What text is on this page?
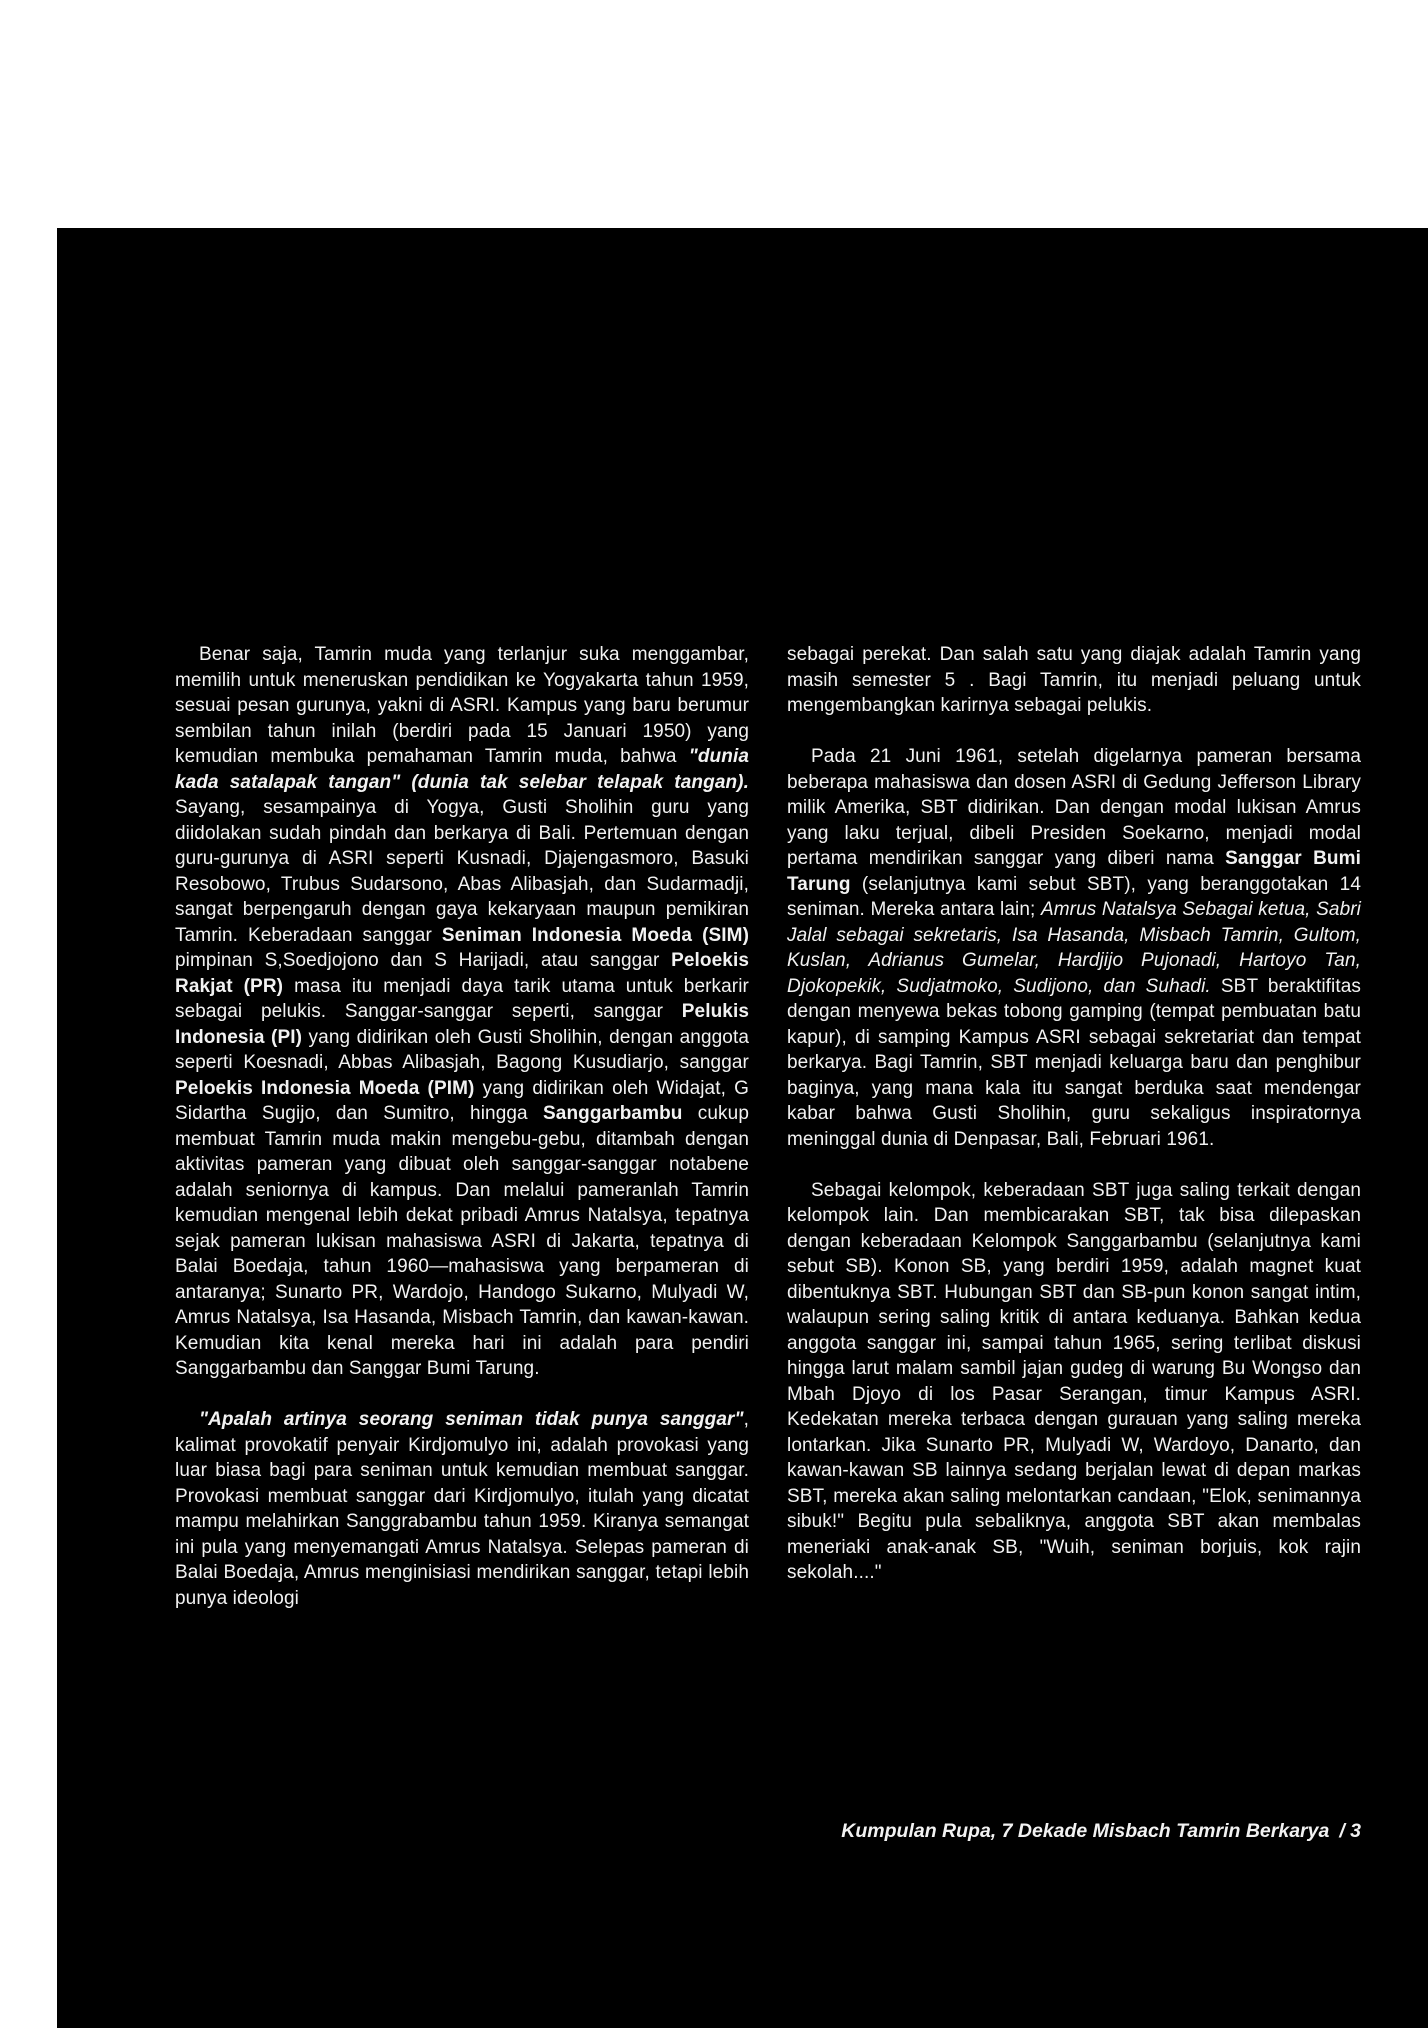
Benar saja, Tamrin muda yang terlanjur suka menggambar, memilih untuk meneruskan pendidikan ke Yogyakarta tahun 1959, sesuai pesan gurunya, yakni di ASRI. Kampus yang baru berumur sembilan tahun inilah (berdiri pada 15 Januari 1950) yang kemudian membuka pemahaman Tamrin muda, bahwa "dunia kada satalapak tangan" (dunia tak selebar telapak tangan). Sayang, sesampainya di Yogya, Gusti Sholihin guru yang diidolakan sudah pindah dan berkarya di Bali. Pertemuan dengan guru-gurunya di ASRI seperti Kusnadi, Djajengasmoro, Basuki Resobowo, Trubus Sudarsono, Abas Alibasjah, dan Sudarmadji, sangat berpengaruh dengan gaya kekaryaan maupun pemikiran Tamrin. Keberadaan sanggar Seniman Indonesia Moeda (SIM) pimpinan S,Soedjojono dan S Harijadi, atau sanggar Peloekis Rakjat (PR) masa itu menjadi daya tarik utama untuk berkarir sebagai pelukis. Sanggar-sanggar seperti, sanggar Pelukis Indonesia (PI) yang didirikan oleh Gusti Sholihin, dengan anggota seperti Koesnadi, Abbas Alibasjah, Bagong Kusudiarjo, sanggar Peloekis Indonesia Moeda (PIM) yang didirikan oleh Widajat, G Sidartha Sugijo, dan Sumitro, hingga Sanggarbambu cukup membuat Tamrin muda makin mengebu-gebu, ditambah dengan aktivitas pameran yang dibuat oleh sanggar-sanggar notabene adalah seniornya di kampus. Dan melalui pameranlah Tamrin kemudian mengenal lebih dekat pribadi Amrus Natalsya, tepatnya sejak pameran lukisan mahasiswa ASRI di Jakarta, tepatnya di Balai Boedaja, tahun 1960—mahasiswa yang berpameran di antaranya; Sunarto PR, Wardojo, Handogo Sukarno, Mulyadi W, Amrus Natalsya, Isa Hasanda, Misbach Tamrin, dan kawan-kawan. Kemudian kita kenal mereka hari ini adalah para pendiri Sanggarbambu dan Sanggar Bumi Tarung.

"Apalah artinya seorang seniman tidak punya sanggar", kalimat provokatif penyair Kirdjomulyo ini, adalah provokasi yang luar biasa bagi para seniman untuk kemudian membuat sanggar. Provokasi membuat sanggar dari Kirdjomulyo, itulah yang dicatat mampu melahirkan Sanggrabambu tahun 1959. Kiranya semangat ini pula yang menyemangati Amrus Natalsya. Selepas pameran di Balai Boedaja, Amrus menginisiasi mendirikan sanggar, tetapi lebih punya ideologi

sebagai perekat. Dan salah satu yang diajak adalah Tamrin yang masih semester 5 . Bagi Tamrin, itu menjadi peluang untuk mengembangkan karirnya sebagai pelukis.

Pada 21 Juni 1961, setelah digelarnya pameran bersama beberapa mahasiswa dan dosen ASRI di Gedung Jefferson Library milik Amerika, SBT didirikan. Dan dengan modal lukisan Amrus yang laku terjual, dibeli Presiden Soekarno, menjadi modal pertama mendirikan sanggar yang diberi nama Sanggar Bumi Tarung (selanjutnya kami sebut SBT), yang beranggotakan 14 seniman. Mereka antara lain; Amrus Natalsya Sebagai ketua, Sabri Jalal sebagai sekretaris, Isa Hasanda, Misbach Tamrin, Gultom, Kuslan, Adrianus Gumelar, Hardjijo Pujonadi, Hartoyo Tan, Djokopekik, Sudjatmoko, Sudijono, dan Suhadi. SBT beraktifitas dengan menyewa bekas tobong gamping (tempat pembuatan batu kapur), di samping Kampus ASRI sebagai sekretariat dan tempat berkarya. Bagi Tamrin, SBT menjadi keluarga baru dan penghibur baginya, yang mana kala itu sangat berduka saat mendengar kabar bahwa Gusti Sholihin, guru sekaligus inspiratornya meninggal dunia di Denpasar, Bali, Februari 1961.

Sebagai kelompok, keberadaan SBT juga saling terkait dengan kelompok lain. Dan membicarakan SBT, tak bisa dilepaskan dengan keberadaan Kelompok Sanggarbambu (selanjutnya kami sebut SB). Konon SB, yang berdiri 1959, adalah magnet kuat dibentuknya SBT. Hubungan SBT dan SB-pun konon sangat intim, walaupun sering saling kritik di antara keduanya. Bahkan kedua anggota sanggar ini, sampai tahun 1965, sering terlibat diskusi hingga larut malam sambil jajan gudeg di warung Bu Wongso dan Mbah Djoyo di los Pasar Serangan, timur Kampus ASRI. Kedekatan mereka terbaca dengan gurauan yang saling mereka lontarkan. Jika Sunarto PR, Mulyadi W, Wardoyo, Danarto, dan kawan-kawan SB lainnya sedang berjalan lewat di depan markas SBT, mereka akan saling melontarkan candaan, "Elok, senimannya sibuk!" Begitu pula sebaliknya, anggota SBT akan membalas meneriaki anak-anak SB, "Wuih, seniman borjuis, kok rajin sekolah...."

Kumpulan Rupa, 7 Dekade Misbach Tamrin Berkarya / 3
